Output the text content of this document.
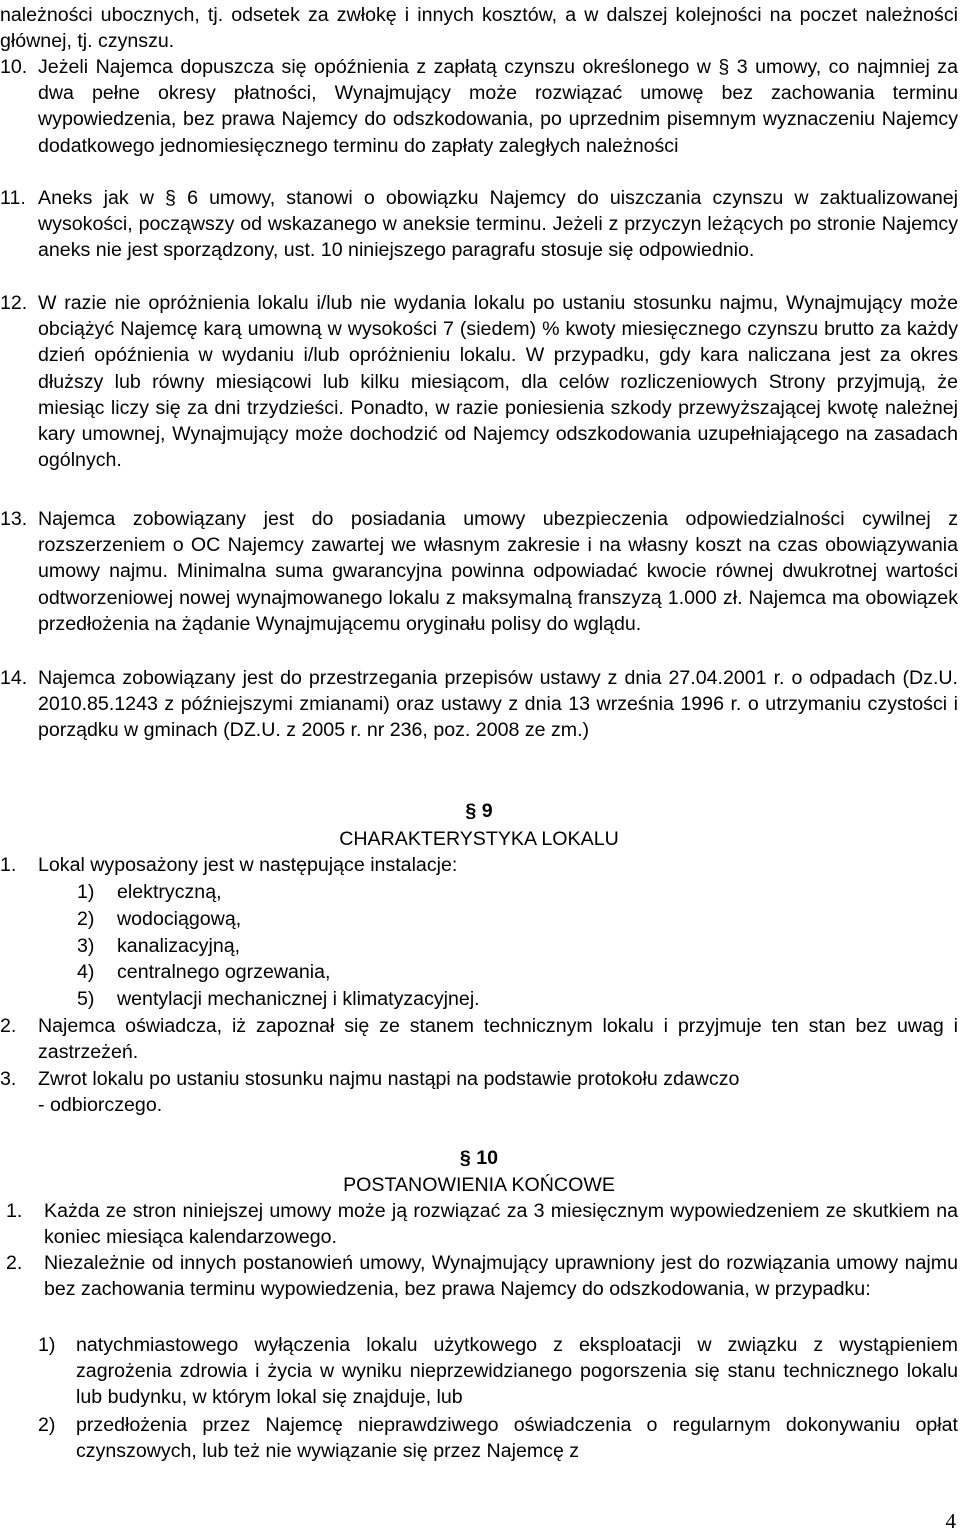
należności ubocznych, tj. odsetek za zwłokę i innych kosztów, a w dalszej kolejności na poczet należności głównej, tj. czynszu.

10. Jeżeli Najemca dopuszcza się opóźnienia z zapłatą czynszu określonego w § 3 umowy, co najmniej za dwa pełne okresy płatności, Wynajmujący może rozwiązać umowę bez zachowania terminu wypowiedzenia, bez prawa Najemcy do odszkodowania, po uprzednim pisemnym wyznaczeniu Najemcy dodatkowego jednomiesięcznego terminu do zapłaty zaległych należności
11. Aneks jak w § 6 umowy, stanowi o obowiązku Najemcy do uiszczania czynszu w zaktualizowanej wysokości, począwszy od wskazanego w aneksie terminu. Jeżeli z przyczyn leżących po stronie Najemcy aneks nie jest sporządzony, ust. 10 niniejszego paragrafu stosuje się odpowiednio.
12. W razie nie opróżnienia lokalu i/lub nie wydania lokalu po ustaniu stosunku najmu, Wynajmujący może obciążyć Najemcę karą umowną w wysokości 7 (siedem) % kwoty miesięcznego czynszu brutto za każdy dzień opóźnienia w wydaniu i/lub opróżnieniu lokalu. W przypadku, gdy kara naliczana jest za okres dłuższy lub równy miesiącowi lub kilku miesiącom, dla celów rozliczeniowych Strony przyjmują, że miesiąc liczy się za dni trzydzieści. Ponadto, w razie poniesienia szkody przewyższającej kwotę należnej kary umownej, Wynajmujący może dochodzić od Najemcy odszkodowania uzupełniającego na zasadach ogólnych.
13. Najemca zobowiązany jest do posiadania umowy ubezpieczenia odpowiedzialności cywilnej z rozszerzeniem o OC Najemcy zawartej we własnym zakresie i na własny koszt na czas obowiązywania umowy najmu. Minimalna suma gwarancyjna powinna odpowiadać kwocie równej dwukrotnej wartości odtworzeniowej nowej wynajmowanego lokalu z maksymalną franszyzą 1.000 zł. Najemca ma obowiązek przedłożenia na żądanie Wynajmującemu oryginału polisy do wglądu.
14. Najemca zobowiązany jest do przestrzegania przepisów ustawy z dnia 27.04.2001 r. o odpadach (Dz.U. 2010.85.1243 z późniejszymi zmianami) oraz ustawy z dnia 13 września 1996 r. o utrzymaniu czystości i porządku w gminach (DZ.U. z 2005 r. nr 236, poz. 2008 ze zm.)

§ 9

CHARAKTERYSTYKA LOKALU

1. Lokal wyposażony jest w następujące instalacje:
1) elektryczną,
2) wodociągową,
3) kanalizacyjną,
4) centralnego ogrzewania,
5) wentylacji mechanicznej i klimatyzacyjnej.
2. Najemca oświadcza, iż zapoznał się ze stanem technicznym lokalu i przyjmuje ten stan bez uwag i zastrzeżeń.
3. Zwrot lokalu po ustaniu stosunku najmu nastąpi na podstawie protokołu zdawczo
- odbiorczego.

§ 10

POSTANOWIENIA KOŃCOWE

1. Każda ze stron niniejszej umowy może ją rozwiązać za 3 miesięcznym wypowiedzeniem ze skutkiem na koniec miesiąca kalendarzowego.
2. Niezależnie od innych postanowień umowy, Wynajmujący uprawniony jest do rozwiązania umowy najmu bez zachowania terminu wypowiedzenia, bez prawa Najemcy do odszkodowania, w przypadku:
1) natychmiastowego wyłączenia lokalu użytkowego z eksploatacji w związku z wystąpieniem zagrożenia zdrowia i życia w wyniku nieprzewidzianego pogorszenia się stanu technicznego lokalu lub budynku, w którym lokal się znajduje, lub
2) przedłożenia przez Najemcę nieprawdziwego oświadczenia o regularnym dokonywaniu opłat czynszowych, lub też nie wywiązanie się przez Najemcę z
4
